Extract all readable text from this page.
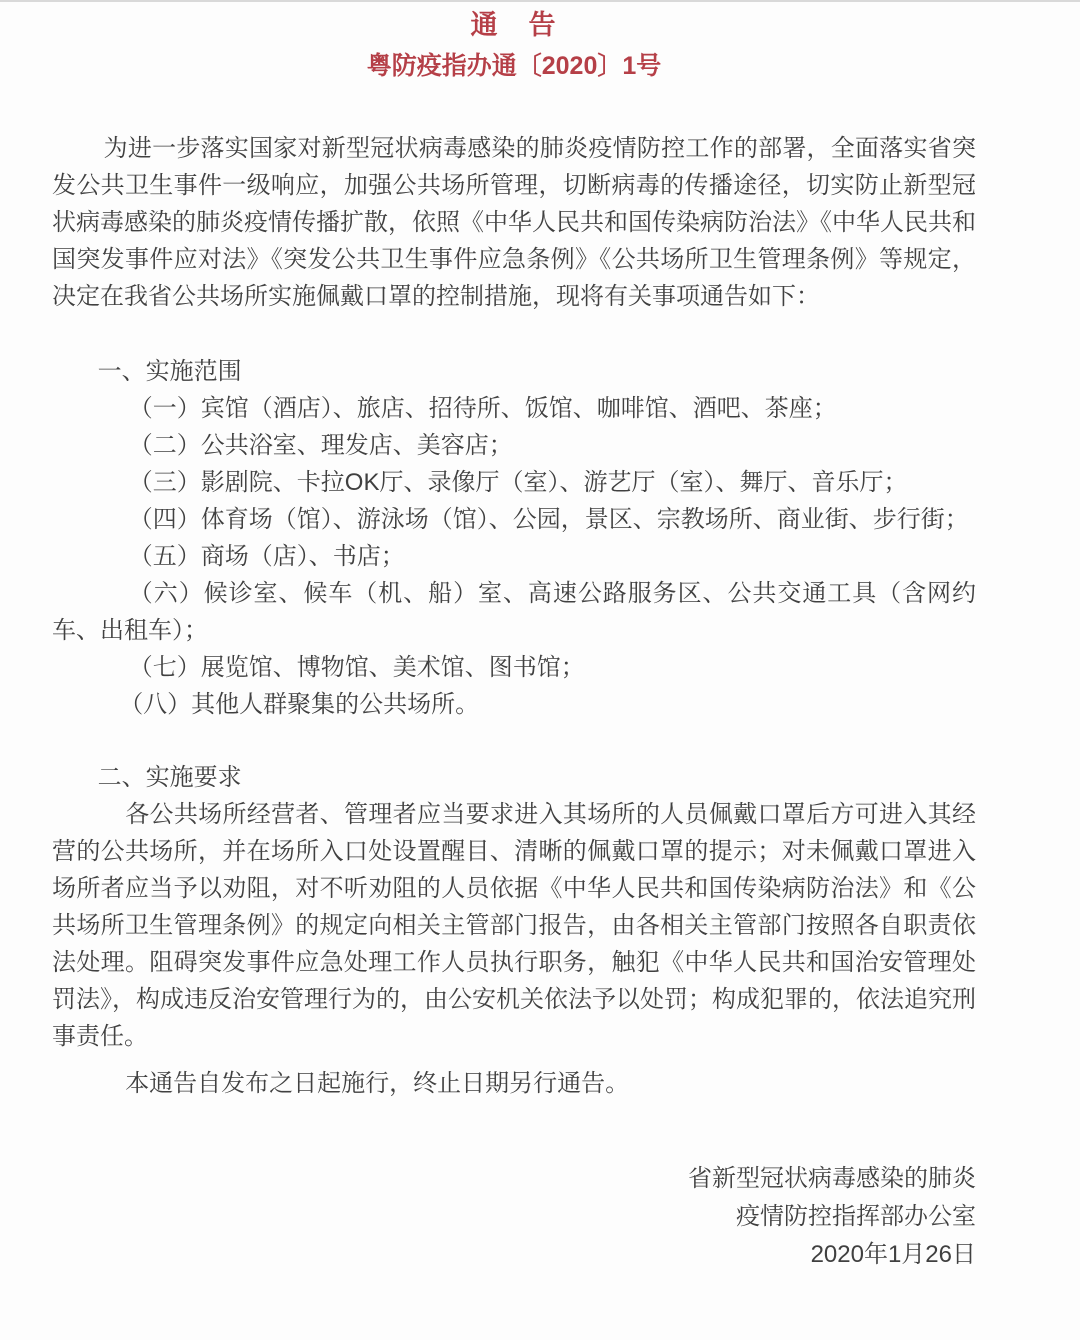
通　告
粤防疫指办通〔2020〕1号

为进一步落实国家对新型冠状病毒感染的肺炎疫情防控工作的部署，全面落实省突发公共卫生事件一级响应，加强公共场所管理，切断病毒的传播途径，切实防止新型冠状病毒感染的肺炎疫情传播扩散，依照《中华人民共和国传染病防治法》《中华人民共和国突发事件应对法》《突发公共卫生事件应急条例》《公共场所卫生管理条例》等规定，决定在我省公共场所实施佩戴口罩的控制措施，现将有关事项通告如下：

一、实施范围

（一）宾馆（酒店）、旅店、招待所、饭馆、咖啡馆、酒吧、茶座；

（二）公共浴室、理发店、美容店；

（三）影剧院、卡拉OK厅、录像厅（室）、游艺厅（室）、舞厅、音乐厅；

（四）体育场（馆）、游泳场（馆）、公园，景区、宗教场所、商业街、步行街；

（五）商场（店）、书店；

（六）候诊室、候车（机、船）室、高速公路服务区、公共交通工具（含网约车、出租车）；

（七）展览馆、博物馆、美术馆、图书馆；

（八）其他人群聚集的公共场所。

二、实施要求

各公共场所经营者、管理者应当要求进入其场所的人员佩戴口罩后方可进入其经营的公共场所，并在场所入口处设置醒目、清晰的佩戴口罩的提示；对未佩戴口罩进入场所者应当予以劝阻，对不听劝阻的人员依据《中华人民共和国传染病防治法》和《公共场所卫生管理条例》的规定向相关主管部门报告，由各相关主管部门按照各自职责依法处理。阻碍突发事件应急处理工作人员执行职务，触犯《中华人民共和国治安管理处罚法》，构成违反治安管理行为的，由公安机关依法予以处罚；构成犯罪的，依法追究刑事责任。

本通告自发布之日起施行，终止日期另行通告。

省新型冠状病毒感染的肺炎

疫情防控指挥部办公室

2020年1月26日
